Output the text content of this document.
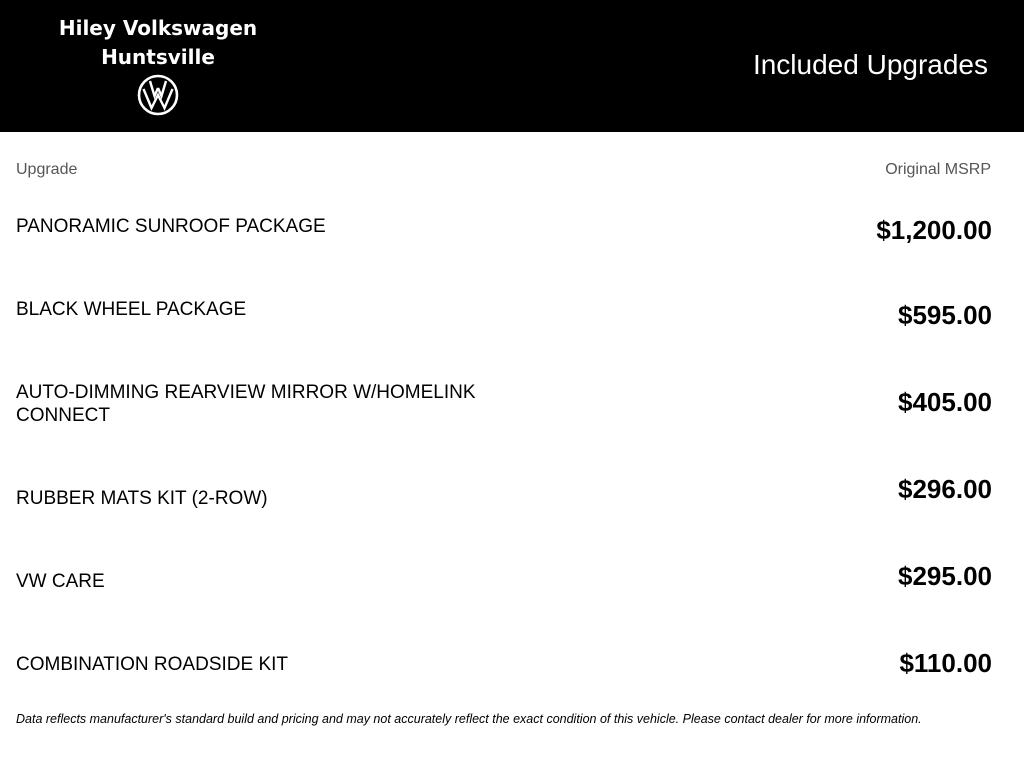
Hiley Volkswagen
Huntsville	Included Upgrades
Upgrade	Original MSRP
PANORAMIC SUNROOF PACKAGE	$1,200.00
BLACK WHEEL PACKAGE	$595.00
AUTO-DIMMING REARVIEW MIRROR W/HOMELINK CONNECT	$405.00
RUBBER MATS KIT (2-ROW)	$296.00
VW CARE	$295.00
COMBINATION ROADSIDE KIT	$110.00
Data reflects manufacturer's standard build and pricing and may not accurately reflect the exact condition of this vehicle. Please contact dealer for more information.
